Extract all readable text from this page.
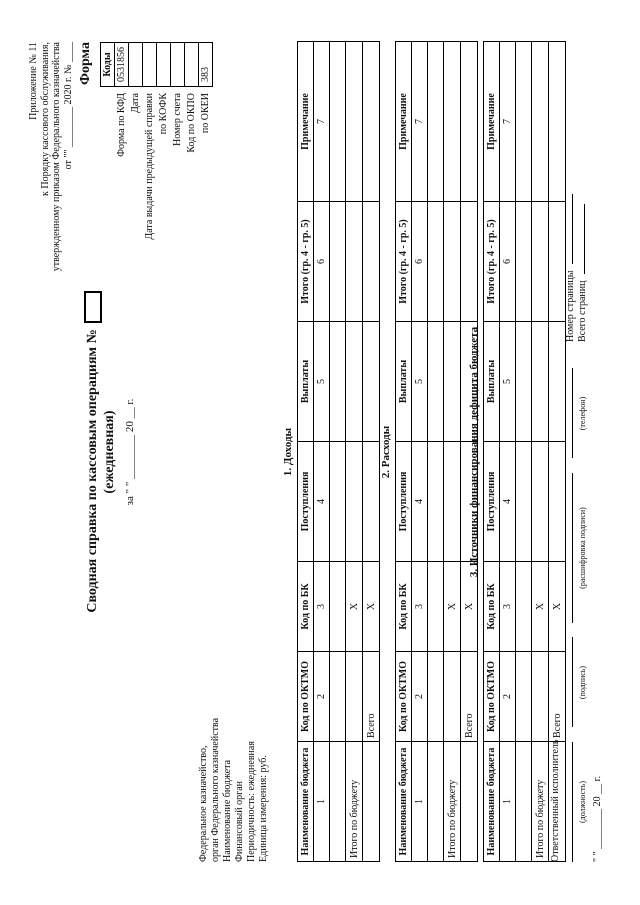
Приложение № 11 к Порядку кассового обслуживания, утвержденному приказом Федерального казначейства от "" ________ 2020 г. № ____ Форма
Сводная справка по кассовым операциям № (ежедневная) за " " ________ 20 __ г.
	Коды
Форма по КФД	0531856
Дата	
Дата выдачи предыдущей справки	
по КОФК	
Номер счета	
Код по ОКПО	
по ОКЕИ	383
Федеральное казначейство, орган Федерального казначейства Наименование бюджета Финансовый орган Периодичность: ежедневная Единица измерения: руб.
1. Доходы
Наименование бюджета	Код по ОКТМО	Код по БК	Поступления	Выплаты	Итого (гр. 4 - гр. 5)	Примечание
1	2	3	4	5	6	7

Итого по бюджету		X				
	Всего	X				
2. Расходы
Наименование бюджета	Код по ОКТМО	Код по БК	Поступления	Выплаты	Итого (гр. 4 - гр. 5)	Примечание
1	2	3	4	5	6	7

Итого по бюджету		X				
	Всего	X				
3. Источники финансирования дефицита бюджета
Наименование бюджета	Код по ОКТМО	Код по БК	Поступления	Выплаты	Итого (гр. 4 - гр. 5)	Примечание
1	2	3	4	5	6	7

Итого по бюджету		X				
	Всего	X				
Ответственный исполнитель
Номер страницы
(должность) (подпись) (расшифровка подписи) (телефон) Всего страниц
" " ________ 20 __ г.
